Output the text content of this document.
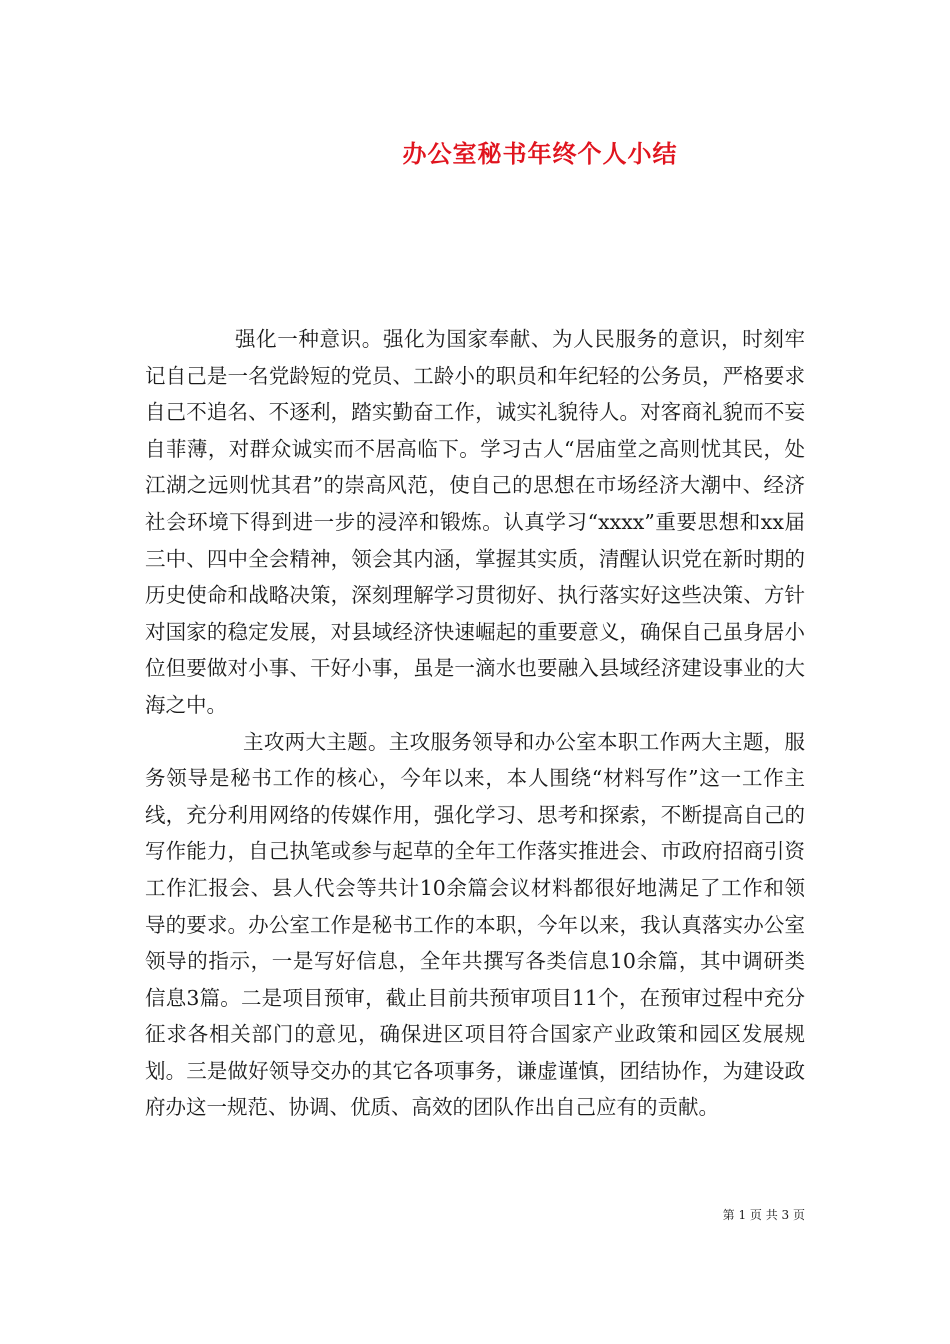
办公室秘书年终个人小结

强化一种意识。强化为国家奉献、为人民服务的意识，时刻牢记自己是一名党龄短的党员、工龄小的职员和年纪轻的公务员，严格要求自己不追名、不逐利，踏实勤奋工作，诚实礼貌待人。对客商礼貌而不妄自菲薄，对群众诚实而不居高临下。学习古人“居庙堂之高则忧其民，处江湖之远则忧其君”的崇高风范，使自己的思想在市场经济大潮中、经济社会环境下得到进一步的浸淬和锻炼。认真学习“xxxx”重要思想和xx届三中、四中全会精神，领会其内涵，掌握其实质，清醒认识党在新时期的历史使命和战略决策，深刻理解学习贯彻好、执行落实好这些决策、方针对国家的稳定发展，对县域经济快速崛起的重要意义，确保自己虽身居小位但要做对小事、干好小事，虽是一滴水也要融入县域经济建设事业的大海之中。

主攻两大主题。主攻服务领导和办公室本职工作两大主题，服务领导是秘书工作的核心，今年以来，本人围绕“材料写作”这一工作主线，充分利用网络的传媒作用，强化学习、思考和探索，不断提高自己的写作能力，自己执笔或参与起草的全年工作落实推进会、市政府招商引资工作汇报会、县人代会等共计10余篇会议材料都很好地满足了工作和领导的要求。办公室工作是秘书工作的本职，今年以来，我认真落实办公室领导的指示，一是写好信息，全年共撰写各类信息10余篇，其中调研类信息3篇。二是项目预审，截止目前共预审项目11个，在预审过程中充分征求各相关部门的意见，确保进区项目符合国家产业政策和园区发展规划。三是做好领导交办的其它各项事务，谦虚谨慎，团结协作，为建设政府办这一规范、协调、优质、高效的团队作出自己应有的贡献。

第 1 页 共 3 页
